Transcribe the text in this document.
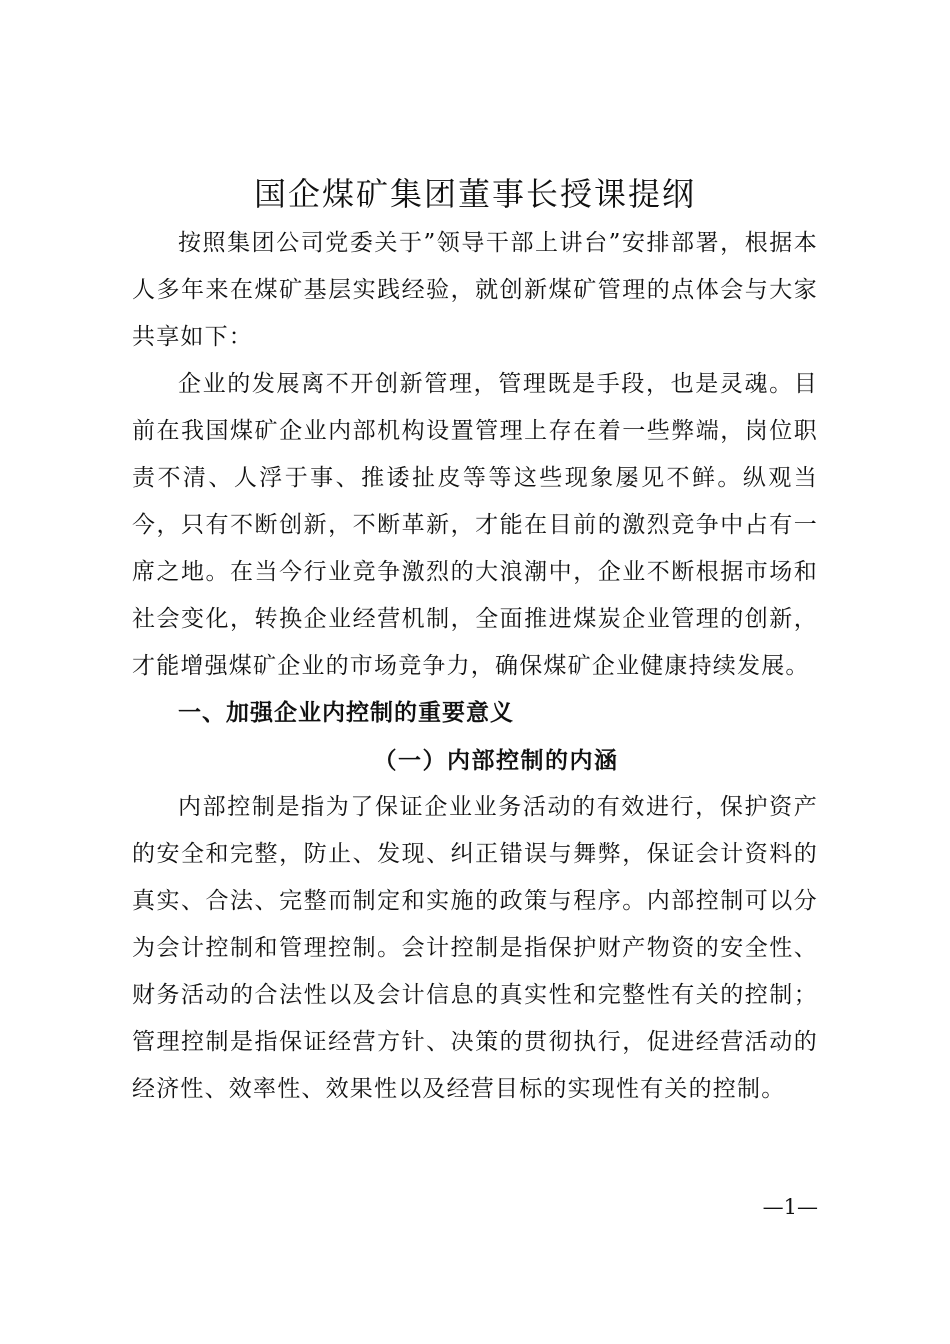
国企煤矿集团董事长授课提纲

按照集团公司党委关于”领导干部上讲台”安排部署，根据本人多年来在煤矿基层实践经验，就创新煤矿管理的点体会与大家共享如下：

企业的发展离不开创新管理，管理既是手段，也是灵魂。目前在我国煤矿企业内部机构设置管理上存在着一些弊端，岗位职责不清、人浮于事、推诿扯皮等等这些现象屡见不鲜。纵观当今，只有不断创新，不断革新，才能在目前的激烈竞争中占有一席之地。在当今行业竞争激烈的大浪潮中，企业不断根据市场和社会变化，转换企业经营机制，全面推进煤炭企业管理的创新，才能增强煤矿企业的市场竞争力，确保煤矿企业健康持续发展。

一、加强企业内控制的重要意义
（一）内部控制的内涵

内部控制是指为了保证企业业务活动的有效进行，保护资产的安全和完整，防止、发现、纠正错误与舞弊，保证会计资料的真实、合法、完整而制定和实施的政策与程序。内部控制可以分为会计控制和管理控制。会计控制是指保护财产物资的安全性、财务活动的合法性以及会计信息的真实性和完整性有关的控制；管理控制是指保证经营方针、决策的贯彻执行，促进经营活动的经济性、效率性、效果性以及经营目标的实现性有关的控制。

—1—
